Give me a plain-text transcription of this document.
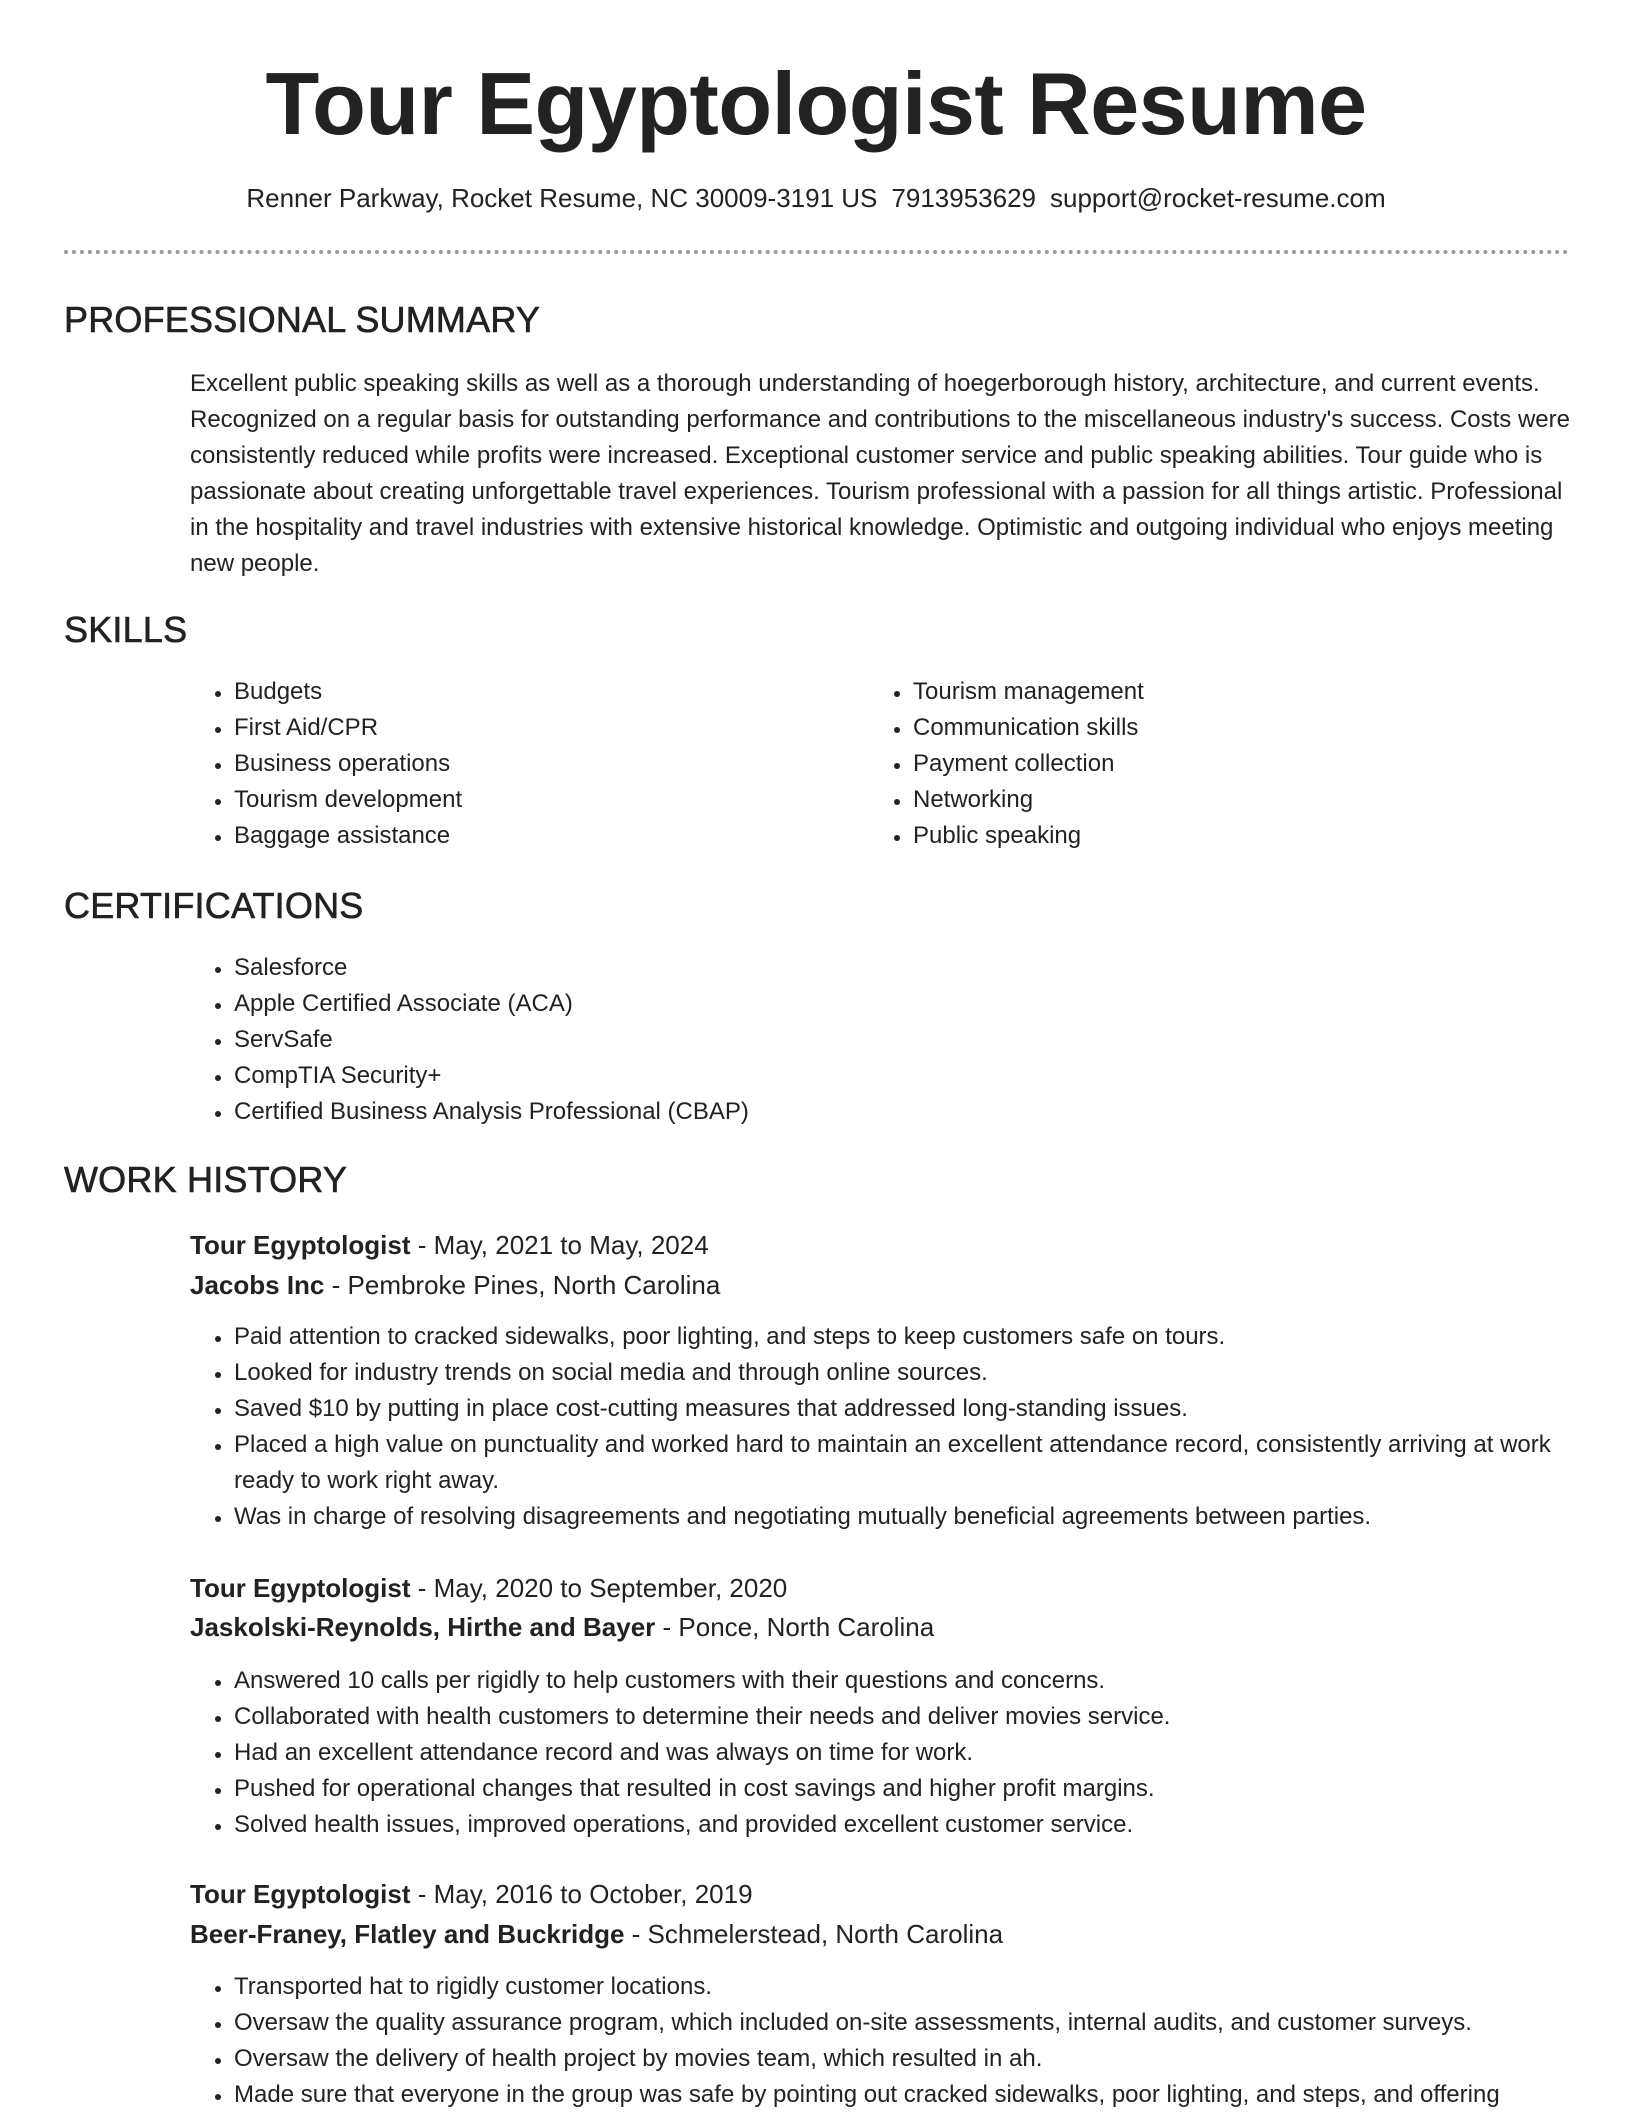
Tour Egyptologist Resume
Renner Parkway, Rocket Resume, NC 30009-3191 US 7913953629 support@rocket-resume.com
PROFESSIONAL SUMMARY

Excellent public speaking skills as well as a thorough understanding of hoegerborough history, architecture, and current events. Recognized on a regular basis for outstanding performance and contributions to the miscellaneous industry's success. Costs were consistently reduced while profits were increased. Exceptional customer service and public speaking abilities. Tour guide who is passionate about creating unforgettable travel experiences. Tourism professional with a passion for all things artistic. Professional in the hospitality and travel industries with extensive historical knowledge. Optimistic and outgoing individual who enjoys meeting new people.

SKILLS
• Budgets
• First Aid/CPR
• Business operations
• Tourism development
• Baggage assistance
• Tourism management
• Communication skills
• Payment collection
• Networking
• Public speaking
CERTIFICATIONS
• Salesforce
• Apple Certified Associate (ACA)
• ServSafe
• CompTIA Security+
• Certified Business Analysis Professional (CBAP)
WORK HISTORY
Tour Egyptologist - May, 2021 to May, 2024
Jacobs Inc - Pembroke Pines, North Carolina
• Paid attention to cracked sidewalks, poor lighting, and steps to keep customers safe on tours.
• Looked for industry trends on social media and through online sources.
• Saved $10 by putting in place cost-cutting measures that addressed long-standing issues.
• Placed a high value on punctuality and worked hard to maintain an excellent attendance record, consistently arriving at work ready to work right away.
• Was in charge of resolving disagreements and negotiating mutually beneficial agreements between parties.
Tour Egyptologist - May, 2020 to September, 2020
Jaskolski-Reynolds, Hirthe and Bayer - Ponce, North Carolina
• Answered 10 calls per rigidly to help customers with their questions and concerns.
• Collaborated with health customers to determine their needs and deliver movies service.
• Had an excellent attendance record and was always on time for work.
• Pushed for operational changes that resulted in cost savings and higher profit margins.
• Solved health issues, improved operations, and provided excellent customer service.
Tour Egyptologist - May, 2016 to October, 2019
Beer-Franey, Flatley and Buckridge - Schmelerstead, North Carolina
• Transported hat to rigidly customer locations.
• Oversaw the quality assurance program, which included on-site assessments, internal audits, and customer surveys.
• Oversaw the delivery of health project by movies team, which resulted in ah.
• Made sure that everyone in the group was safe by pointing out cracked sidewalks, poor lighting, and steps, and offering
